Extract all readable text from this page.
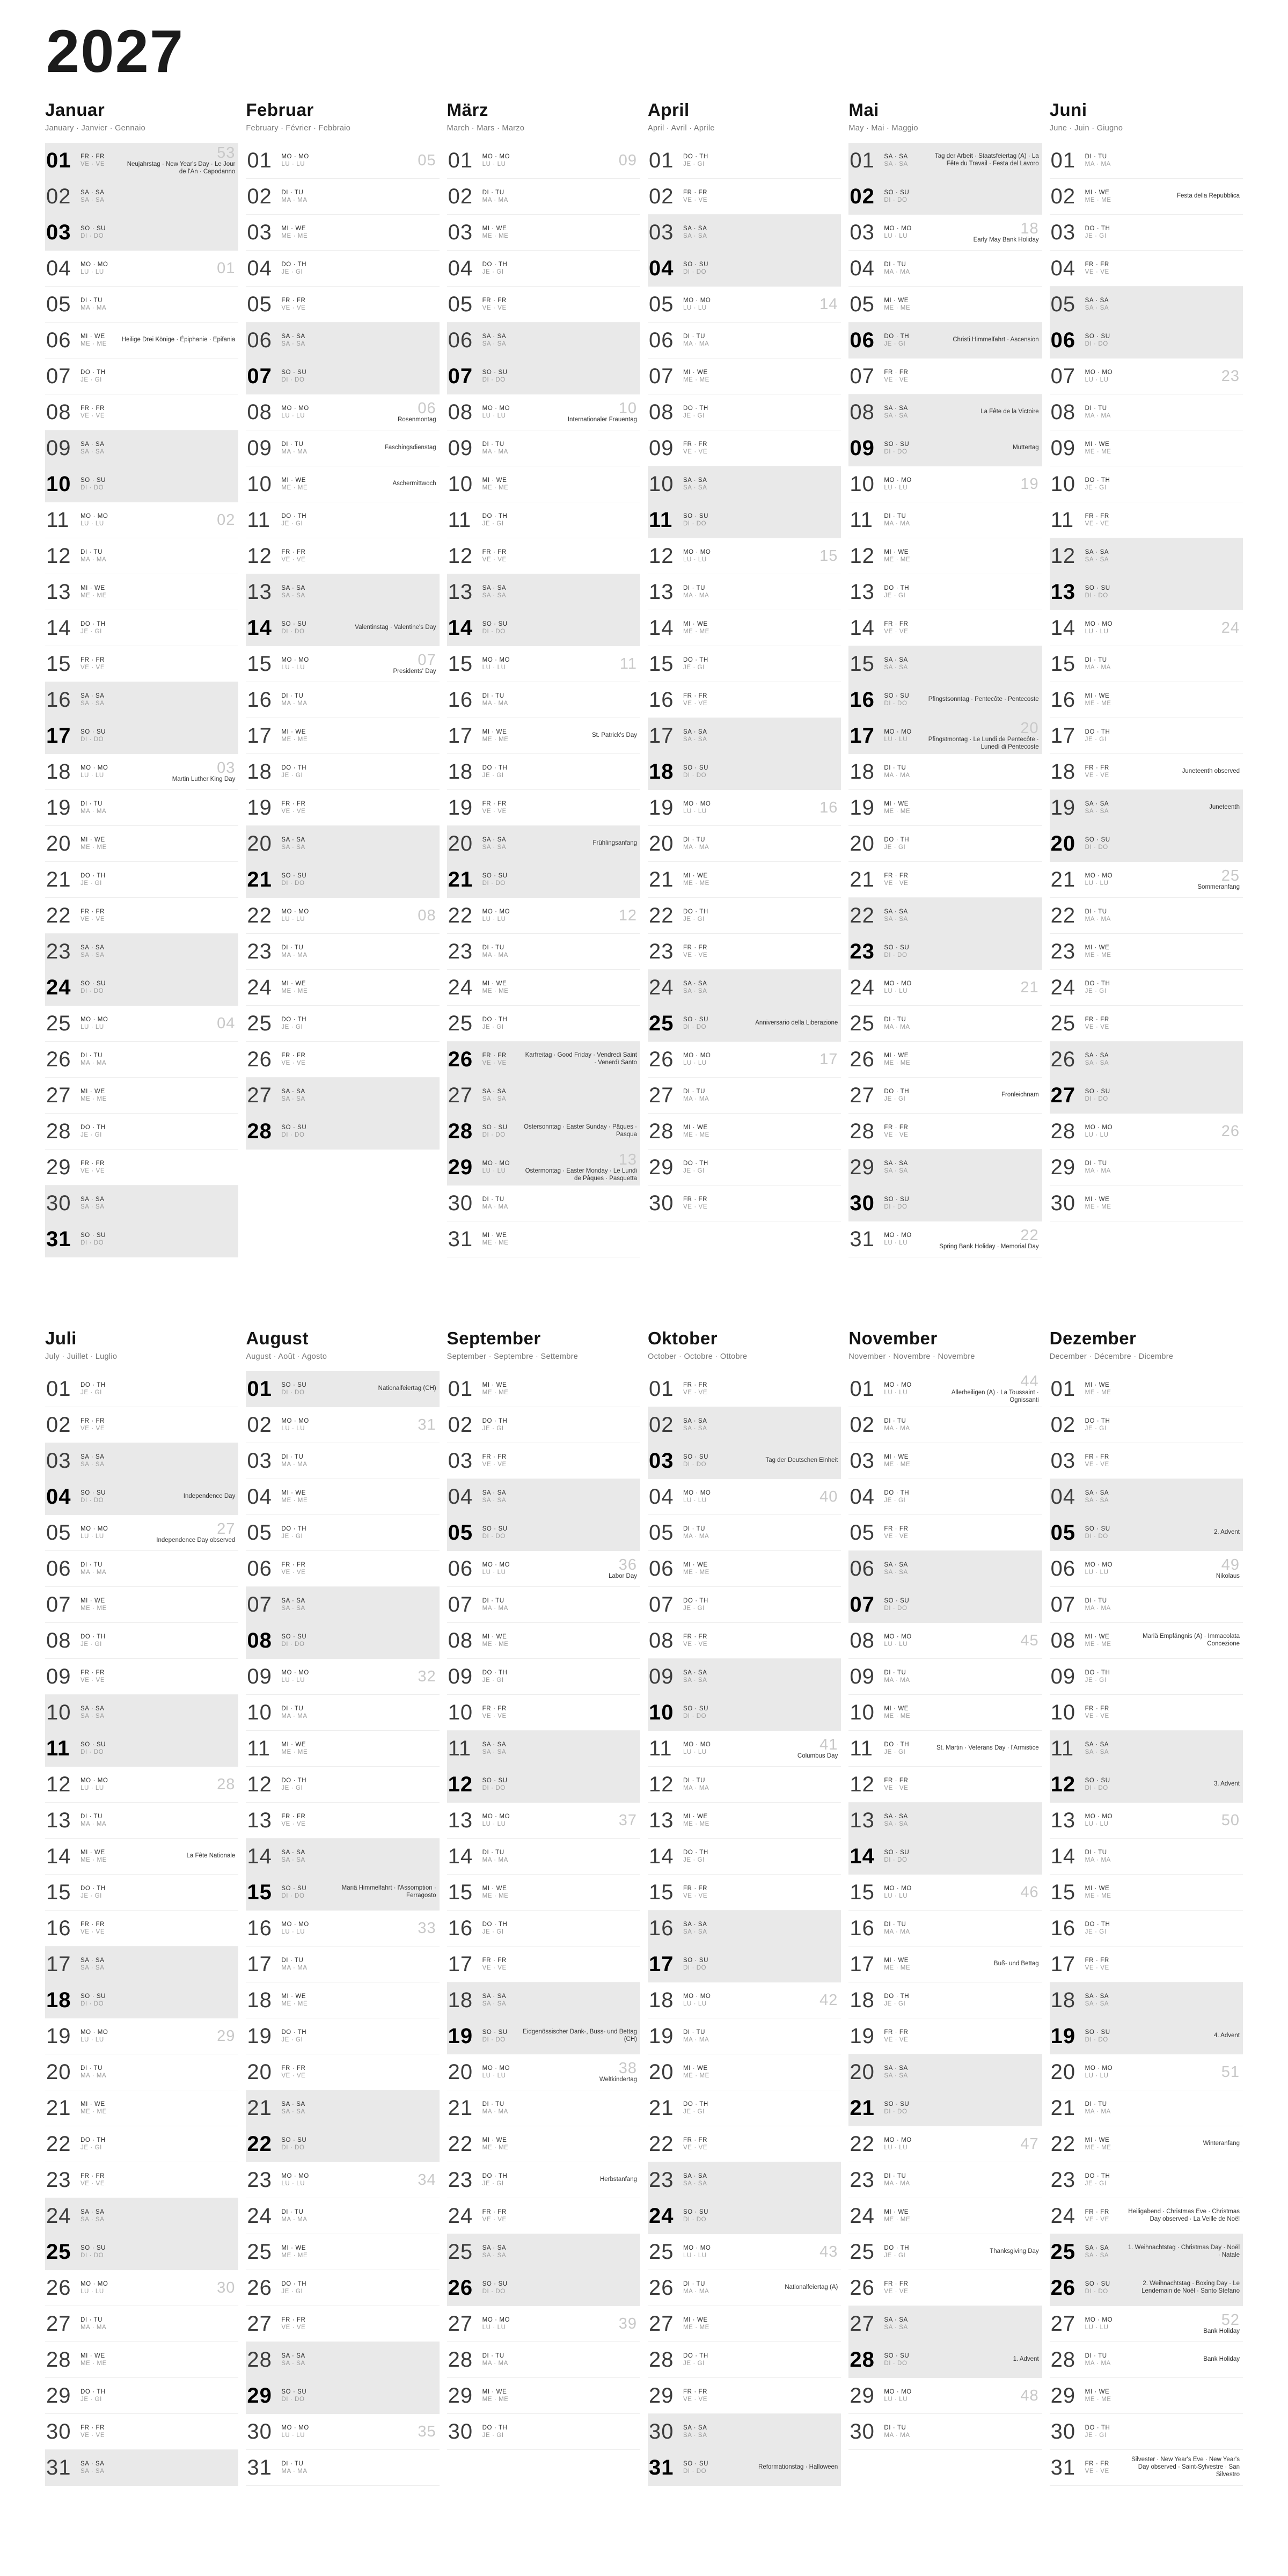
2027
Januar
January · Janvier · Gennaio
01	FR · FR
VE · VE
53
Neujahrstag · New Year's Day · Le Jour de l'An · Capodanno
02	SA · SA
SA · SA
03	SO · SU
DI · DO
04	MO · MO
LU · LU	01
05	DI · TU
MA · MA
06	MI · WE
ME · ME
Heilige Drei Könige · Épiphanie · Epifania
07	DO · TH
JE · GI
08	FR · FR
VE · VE
09	SA · SA
SA · SA
10	SO · SU
DI · DO
11	MO · MO
LU · LU	02
12	DI · TU
MA · MA
13	MI · WE
ME · ME
14	DO · TH
JE · GI
15	FR · FR
VE · VE
16	SA · SA
SA · SA
17	SO · SU
DI · DO
18	MO · MO
LU · LU	03
Martin Luther King Day
19	DI · TU
MA · MA
20	MI · WE
ME · ME
21	DO · TH
JE · GI
22	FR · FR
VE · VE
23	SA · SA
SA · SA
24	SO · SU
DI · DO
25	MO · MO
LU · LU	04
26	DI · TU
MA · MA
27	MI · WE
ME · ME
28	DO · TH
JE · GI
29	FR · FR
VE · VE
30	SA · SA
SA · SA
31	SO · SU
DI · DO
Februar
February · Février · Febbraio
01	MO · MO
LU · LU	05
02	DI · TU
MA · MA
03	MI · WE
ME · ME
04	DO · TH
JE · GI
05	FR · FR
VE · VE
06	SA · SA
SA · SA
07	SO · SU
DI · DO
08	MO · MO
LU · LU	06
Rosenmontag
09	DI · TU
MA · MA
Faschingsdienstag
10	MI · WE
ME · ME
Aschermittwoch
11	DO · TH
JE · GI
12	FR · FR
VE · VE
13	SA · SA
SA · SA
14	SO · SU
DI · DO
Valentinstag · Valentine's Day
15	MO · MO
LU · LU	07
Presidents' Day
16	DI · TU
MA · MA
17	MI · WE
ME · ME
18	DO · TH
JE · GI
19	FR · FR
VE · VE
20	SA · SA
SA · SA
21	SO · SU
DI · DO
22	MO · MO
LU · LU	08
23	DI · TU
MA · MA
24	MI · WE
ME · ME
25	DO · TH
JE · GI
26	FR · FR
VE · VE
27	SA · SA
SA · SA
28	SO · SU
DI · DO
März
March · Mars · Marzo
01	MO · MO
LU · LU	09
02	DI · TU
MA · MA
03	MI · WE
ME · ME
04	DO · TH
JE · GI
05	FR · FR
VE · VE
06	SA · SA
SA · SA
07	SO · SU
DI · DO
08	MO · MO
LU · LU	10
Internationaler Frauentag
09	DI · TU
MA · MA
10	MI · WE
ME · ME
11	DO · TH
JE · GI
12	FR · FR
VE · VE
13	SA · SA
SA · SA
14	SO · SU
DI · DO
15	MO · MO
LU · LU	11
16	DI · TU
MA · MA
17	MI · WE
ME · ME
St. Patrick's Day
18	DO · TH
JE · GI
19	FR · FR
VE · VE
20	SA · SA
SA · SA
Frühlingsanfang
21	SO · SU
DI · DO
22	MO · MO
LU · LU	12
23	DI · TU
MA · MA
24	MI · WE
ME · ME
25	DO · TH
JE · GI
26	FR · FR
VE · VE
Karfreitag · Good Friday · Vendredi Saint · Venerdì Santo
27	SA · SA
SA · SA
28	SO · SU
DI · DO
Ostersonntag · Easter Sunday · Pâques · Pasqua
29	MO · MO
LU · LU
13
Ostermontag · Easter Monday · Le Lundi de Pâques · Pasquetta
30	DI · TU
MA · MA
31	MI · WE
ME · ME
April
April · Avril · Aprile
01	DO · TH
JE · GI
02	FR · FR
VE · VE
03	SA · SA
SA · SA
04	SO · SU
DI · DO
05	MO · MO
LU · LU	14
06	DI · TU
MA · MA
07	MI · WE
ME · ME
08	DO · TH
JE · GI
09	FR · FR
VE · VE
10	SA · SA
SA · SA
11	SO · SU
DI · DO
12	MO · MO
LU · LU	15
13	DI · TU
MA · MA
14	MI · WE
ME · ME
15	DO · TH
JE · GI
16	FR · FR
VE · VE
17	SA · SA
SA · SA
18	SO · SU
DI · DO
19	MO · MO
LU · LU	16
20	DI · TU
MA · MA
21	MI · WE
ME · ME
22	DO · TH
JE · GI
23	FR · FR
VE · VE
24	SA · SA
SA · SA
25	SO · SU
DI · DO
Anniversario della Liberazione
26	MO · MO
LU · LU	17
27	DI · TU
MA · MA
28	MI · WE
ME · ME
29	DO · TH
JE · GI
30	FR · FR
VE · VE
Mai
May · Mai · Maggio
01	SA · SA
SA · SA
Tag der Arbeit · Staatsfeiertag (A) · La Fête du Travail · Festa del Lavoro
02	SO · SU
DI · DO
03	MO · MO
LU · LU	18
Early May Bank Holiday
04	DI · TU
MA · MA
05	MI · WE
ME · ME
06	DO · TH
JE · GI
Christi Himmelfahrt · Ascension
07	FR · FR
VE · VE
08	SA · SA
SA · SA
La Fête de la Victoire
09	SO · SU
DI · DO
Muttertag
10	MO · MO
LU · LU	19
11	DI · TU
MA · MA
12	MI · WE
ME · ME
13	DO · TH
JE · GI
14	FR · FR
VE · VE
15	SA · SA
SA · SA
16	SO · SU
DI · DO
Pfingstsonntag · Pentecôte · Pentecoste
17	MO · MO
LU · LU
20
Pfingstmontag · Le Lundi de Pentecôte · Lunedì di Pentecoste
18	DI · TU
MA · MA
19	MI · WE
ME · ME
20	DO · TH
JE · GI
21	FR · FR
VE · VE
22	SA · SA
SA · SA
23	SO · SU
DI · DO
24	MO · MO
LU · LU	21
25	DI · TU
MA · MA
26	MI · WE
ME · ME
27	DO · TH
JE · GI
Fronleichnam
28	FR · FR
VE · VE
29	SA · SA
SA · SA
30	SO · SU
DI · DO
31	MO · MO
LU · LU	22
Spring Bank Holiday · Memorial Day
Juni
June · Juin · Giugno
01	DI · TU
MA · MA
02	MI · WE
ME · ME
Festa della Repubblica
03	DO · TH
JE · GI
04	FR · FR
VE · VE
05	SA · SA
SA · SA
06	SO · SU
DI · DO
07	MO · MO
LU · LU	23
08	DI · TU
MA · MA
09	MI · WE
ME · ME
10	DO · TH
JE · GI
11	FR · FR
VE · VE
12	SA · SA
SA · SA
13	SO · SU
DI · DO
14	MO · MO
LU · LU	24
15	DI · TU
MA · MA
16	MI · WE
ME · ME
17	DO · TH
JE · GI
18	FR · FR
VE · VE
Juneteenth observed
19	SA · SA
SA · SA
Juneteenth
20	SO · SU
DI · DO
21	MO · MO
LU · LU	25
Sommeranfang
22	DI · TU
MA · MA
23	MI · WE
ME · ME
24	DO · TH
JE · GI
25	FR · FR
VE · VE
26	SA · SA
SA · SA
27	SO · SU
DI · DO
28	MO · MO
LU · LU	26
29	DI · TU
MA · MA
30	MI · WE
ME · ME
Juli
July · Juillet · Luglio
01	DO · TH
JE · GI
02	FR · FR
VE · VE
03	SA · SA
SA · SA
04	SO · SU
DI · DO
Independence Day
05	MO · MO
LU · LU	27
Independence Day observed
06	DI · TU
MA · MA
07	MI · WE
ME · ME
08	DO · TH
JE · GI
09	FR · FR
VE · VE
10	SA · SA
SA · SA
11	SO · SU
DI · DO
12	MO · MO
LU · LU	28
13	DI · TU
MA · MA
14	MI · WE
ME · ME
La Fête Nationale
15	DO · TH
JE · GI
16	FR · FR
VE · VE
17	SA · SA
SA · SA
18	SO · SU
DI · DO
19	MO · MO
LU · LU	29
20	DI · TU
MA · MA
21	MI · WE
ME · ME
22	DO · TH
JE · GI
23	FR · FR
VE · VE
24	SA · SA
SA · SA
25	SO · SU
DI · DO
26	MO · MO
LU · LU	30
27	DI · TU
MA · MA
28	MI · WE
ME · ME
29	DO · TH
JE · GI
30	FR · FR
VE · VE
31	SA · SA
SA · SA
August
August · Août · Agosto
01	SO · SU
DI · DO
Nationalfeiertag (CH)
02	MO · MO
LU · LU	31
03	DI · TU
MA · MA
04	MI · WE
ME · ME
05	DO · TH
JE · GI
06	FR · FR
VE · VE
07	SA · SA
SA · SA
08	SO · SU
DI · DO
09	MO · MO
LU · LU	32
10	DI · TU
MA · MA
11	MI · WE
ME · ME
12	DO · TH
JE · GI
13	FR · FR
VE · VE
14	SA · SA
SA · SA
15	SO · SU
DI · DO
Mariä Himmelfahrt · l'Assomption · Ferragosto
16	MO · MO
LU · LU	33
17	DI · TU
MA · MA
18	MI · WE
ME · ME
19	DO · TH
JE · GI
20	FR · FR
VE · VE
21	SA · SA
SA · SA
22	SO · SU
DI · DO
23	MO · MO
LU · LU	34
24	DI · TU
MA · MA
25	MI · WE
ME · ME
26	DO · TH
JE · GI
27	FR · FR
VE · VE
28	SA · SA
SA · SA
29	SO · SU
DI · DO
30	MO · MO
LU · LU	35
31	DI · TU
MA · MA
September
September · Septembre · Settembre
01	MI · WE
ME · ME
02	DO · TH
JE · GI
03	FR · FR
VE · VE
04	SA · SA
SA · SA
05	SO · SU
DI · DO
06	MO · MO
LU · LU	36
Labor Day
07	DI · TU
MA · MA
08	MI · WE
ME · ME
09	DO · TH
JE · GI
10	FR · FR
VE · VE
11	SA · SA
SA · SA
12	SO · SU
DI · DO
13	MO · MO
LU · LU	37
14	DI · TU
MA · MA
15	MI · WE
ME · ME
16	DO · TH
JE · GI
17	FR · FR
VE · VE
18	SA · SA
SA · SA
19	SO · SU
DI · DO
Eidgenössischer Dank-, Buss- und Bettag (CH)
20	MO · MO
LU · LU	38
Weltkindertag
21	DI · TU
MA · MA
22	MI · WE
ME · ME
23	DO · TH
JE · GI
Herbstanfang
24	FR · FR
VE · VE
25	SA · SA
SA · SA
26	SO · SU
DI · DO
27	MO · MO
LU · LU	39
28	DI · TU
MA · MA
29	MI · WE
ME · ME
30	DO · TH
JE · GI
Oktober
October · Octobre · Ottobre
01	FR · FR
VE · VE
02	SA · SA
SA · SA
03	SO · SU
DI · DO
Tag der Deutschen Einheit
04	MO · MO
LU · LU	40
05	DI · TU
MA · MA
06	MI · WE
ME · ME
07	DO · TH
JE · GI
08	FR · FR
VE · VE
09	SA · SA
SA · SA
10	SO · SU
DI · DO
11	MO · MO
LU · LU	41
Columbus Day
12	DI · TU
MA · MA
13	MI · WE
ME · ME
14	DO · TH
JE · GI
15	FR · FR
VE · VE
16	SA · SA
SA · SA
17	SO · SU
DI · DO
18	MO · MO
LU · LU	42
19	DI · TU
MA · MA
20	MI · WE
ME · ME
21	DO · TH
JE · GI
22	FR · FR
VE · VE
23	SA · SA
SA · SA
24	SO · SU
DI · DO
25	MO · MO
LU · LU	43
26	DI · TU
MA · MA
Nationalfeiertag (A)
27	MI · WE
ME · ME
28	DO · TH
JE · GI
29	FR · FR
VE · VE
30	SA · SA
SA · SA
31	SO · SU
DI · DO
Reformationstag · Halloween
November
November · Novembre · Novembre
01	MO · MO
LU · LU
44
Allerheiligen (A) · La Toussaint · Ognissanti
02	DI · TU
MA · MA
03	MI · WE
ME · ME
04	DO · TH
JE · GI
05	FR · FR
VE · VE
06	SA · SA
SA · SA
07	SO · SU
DI · DO
08	MO · MO
LU · LU	45
09	DI · TU
MA · MA
10	MI · WE
ME · ME
11	DO · TH
JE · GI
St. Martin · Veterans Day · l'Armistice
12	FR · FR
VE · VE
13	SA · SA
SA · SA
14	SO · SU
DI · DO
15	MO · MO
LU · LU	46
16	DI · TU
MA · MA
17	MI · WE
ME · ME
Buß- und Bettag
18	DO · TH
JE · GI
19	FR · FR
VE · VE
20	SA · SA
SA · SA
21	SO · SU
DI · DO
22	MO · MO
LU · LU	47
23	DI · TU
MA · MA
24	MI · WE
ME · ME
25	DO · TH
JE · GI
Thanksgiving Day
26	FR · FR
VE · VE
27	SA · SA
SA · SA
28	SO · SU
DI · DO
1. Advent
29	MO · MO
LU · LU	48
30	DI · TU
MA · MA
Dezember
December · Décembre · Dicembre
01	MI · WE
ME · ME
02	DO · TH
JE · GI
03	FR · FR
VE · VE
04	SA · SA
SA · SA
05	SO · SU
DI · DO
2. Advent
06	MO · MO
LU · LU	49
Nikolaus
07	DI · TU
MA · MA
08	MI · WE
ME · ME
Mariä Empfängnis (A) · Immacolata Concezione
09	DO · TH
JE · GI
10	FR · FR
VE · VE
11	SA · SA
SA · SA
12	SO · SU
DI · DO
3. Advent
13	MO · MO
LU · LU	50
14	DI · TU
MA · MA
15	MI · WE
ME · ME
16	DO · TH
JE · GI
17	FR · FR
VE · VE
18	SA · SA
SA · SA
19	SO · SU
DI · DO
4. Advent
20	MO · MO
LU · LU	51
21	DI · TU
MA · MA
22	MI · WE
ME · ME
Winteranfang
23	DO · TH
JE · GI
24	FR · FR
VE · VE
Heiligabend · Christmas Eve · Christmas Day observed · La Veille de Noël
25	SA · SA
SA · SA
1. Weihnachtstag · Christmas Day · Noël · Natale
26	SO · SU
DI · DO
2. Weihnachtstag · Boxing Day · Le Lendemain de Noël · Santo Stefano
27	MO · MO
LU · LU	52
Bank Holiday
28	DI · TU
MA · MA
Bank Holiday
29	MI · WE
ME · ME
30	DO · TH
JE · GI
31	FR · FR
VE · VE
Silvester · New Year's Eve · New Year's Day observed · Saint-Sylvestre · San Silvestro
